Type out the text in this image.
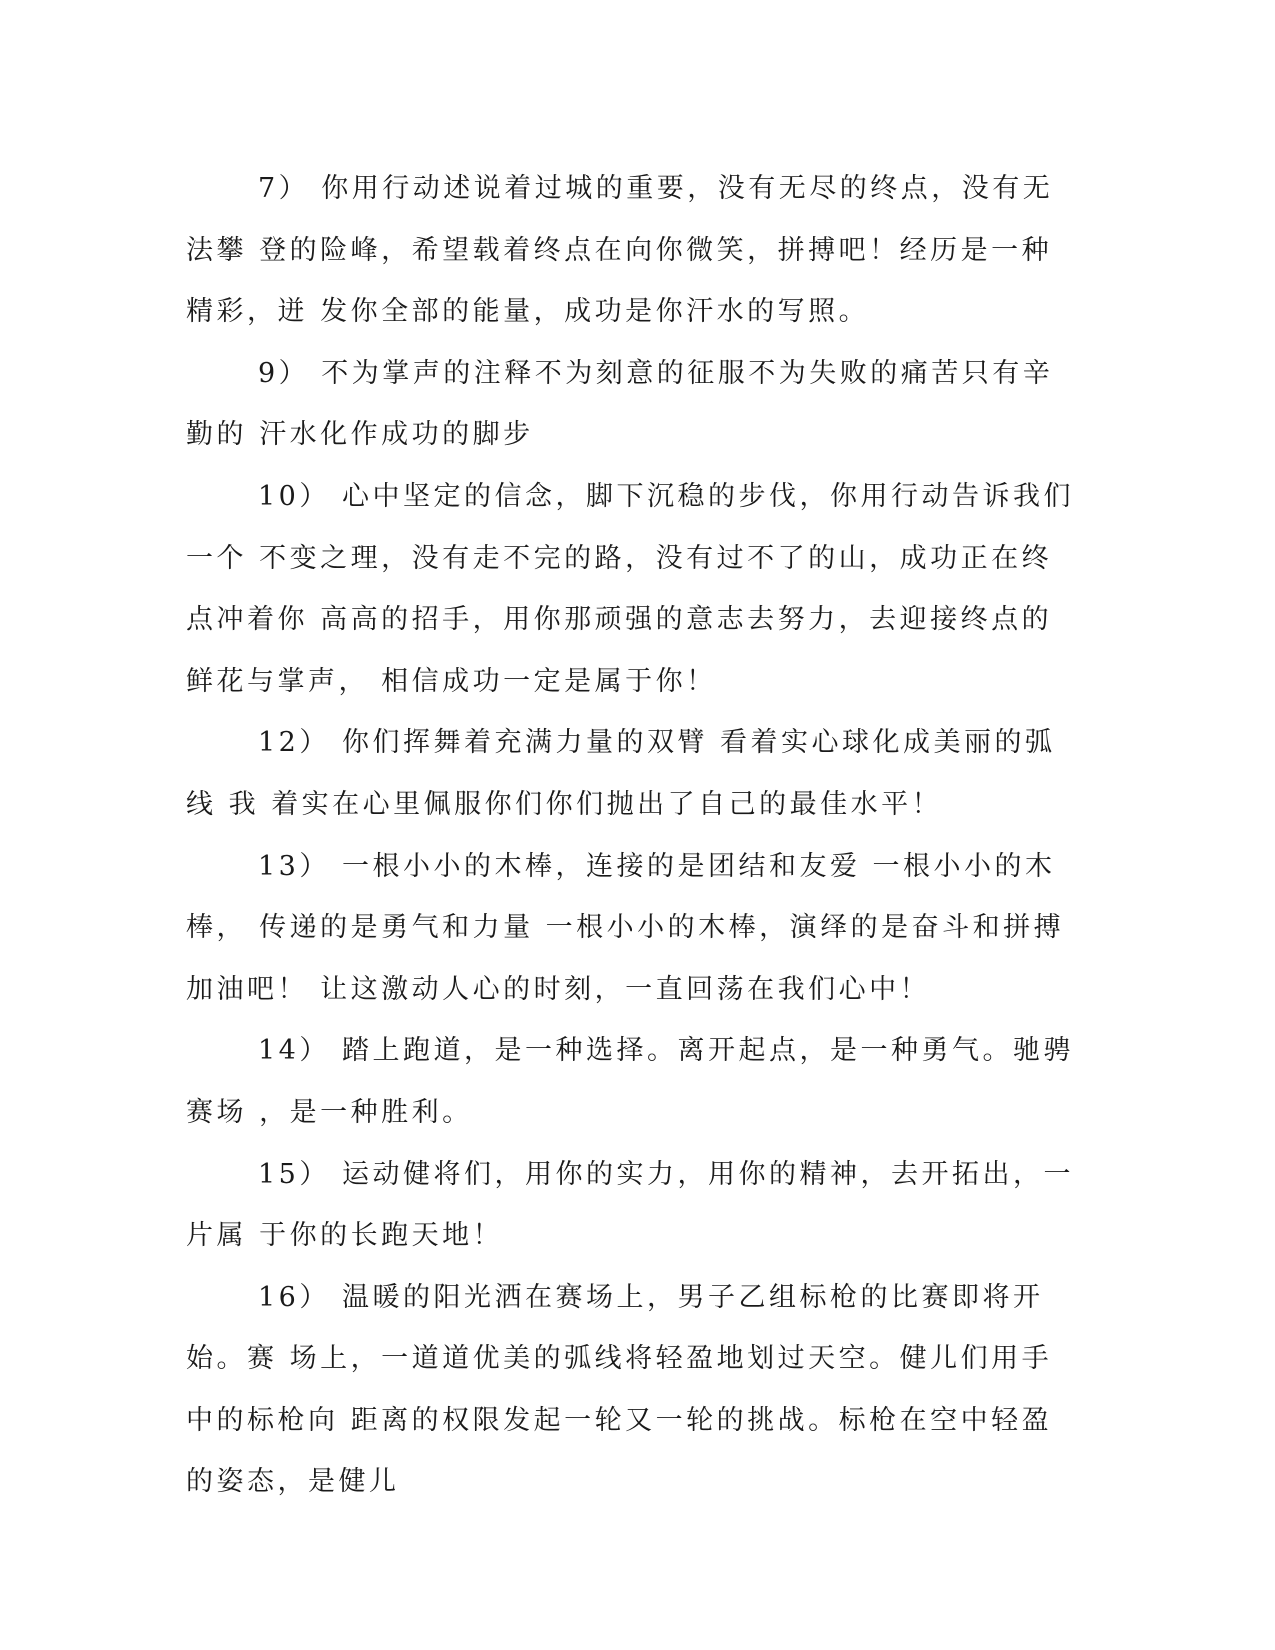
7） 你用行动述说着过城的重要，没有无尽的终点，没有无法攀 登的险峰，希望载着终点在向你微笑，拼搏吧！经历是一种精彩，迸 发你全部的能量，成功是你汗水的写照。

9） 不为掌声的注释不为刻意的征服不为失败的痛苦只有辛勤的 汗水化作成功的脚步

10） 心中坚定的信念，脚下沉稳的步伐，你用行动告诉我们一个 不变之理，没有走不完的路，没有过不了的山，成功正在终点冲着你 高高的招手，用你那顽强的意志去努力，去迎接终点的鲜花与掌声， 相信成功一定是属于你！

12） 你们挥舞着充满力量的双臂 看着实心球化成美丽的弧线 我 着实在心里佩服你们你们抛出了自己的最佳水平！

13） 一根小小的木棒，连接的是团结和友爱 一根小小的木棒， 传递的是勇气和力量 一根小小的木棒，演绎的是奋斗和拼搏 加油吧！ 让这激动人心的时刻，一直回荡在我们心中！

14） 踏上跑道，是一种选择。离开起点，是一种勇气。驰骋赛场 ，是一种胜利。

15） 运动健将们，用你的实力，用你的精神，去开拓出，一片属 于你的长跑天地！

16） 温暖的阳光洒在赛场上，男子乙组标枪的比赛即将开始。赛 场上，一道道优美的弧线将轻盈地划过天空。健儿们用手中的标枪向 距离的权限发起一轮又一轮的挑战。标枪在空中轻盈的姿态，是健儿
